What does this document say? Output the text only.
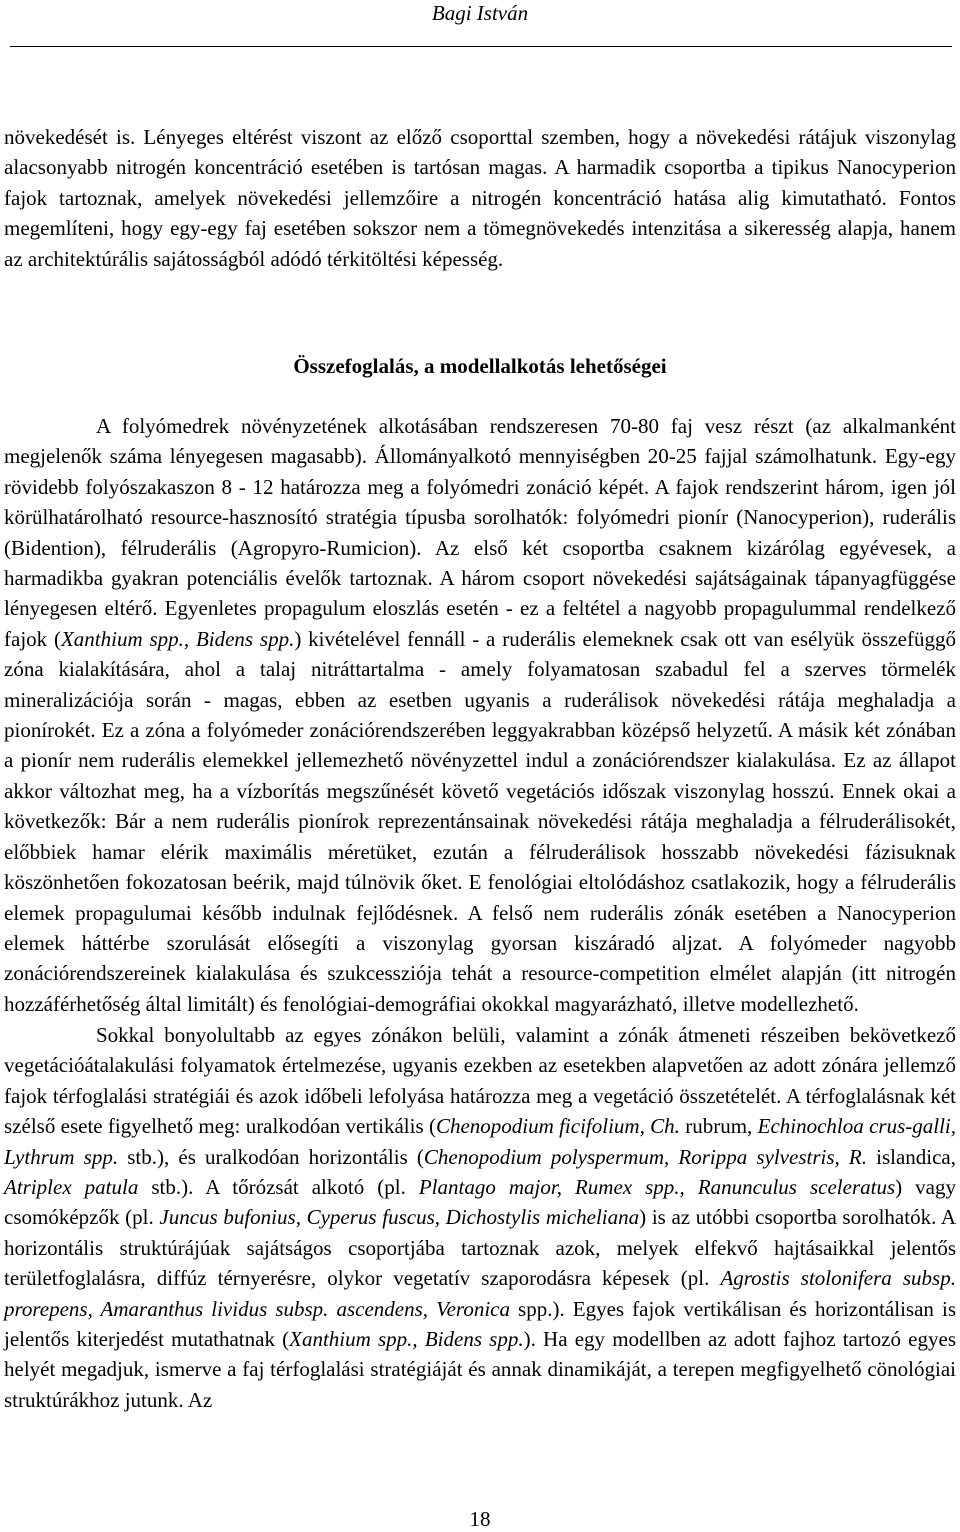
Bagi István

növekedését is. Lényeges eltérést viszont az előző csoporttal szemben, hogy a növekedési rátájuk viszonylag alacsonyabb nitrogén koncentráció esetében is tartósan magas. A harmadik csoportba a tipikus Nanocyperion fajok tartoznak, amelyek növekedési jellemzőire a nitrogén koncentráció hatása alig kimutatható. Fontos megemlíteni, hogy egy-egy faj esetében sokszor nem a tömegnövekedés intenzitása a sikeresség alapja, hanem az architektúrális sajátosságból adódó térkitöltési képesség.

Összefoglalás, a modellalkotás lehetőségei

A folyómedrek növényzetének alkotásában rendszeresen 70-80 faj vesz részt (az alkalmanként megjelenők száma lényegesen magasabb). Állományalkotó mennyiségben 20-25 fajjal számolhatunk. Egy-egy rövidebb folyószakaszon 8 - 12 határozza meg a folyómedri zonáció képét. A fajok rendszerint három, igen jól körülhatárolható resource-hasznosító stratégia típusba sorolhatók: folyómedri pionír (Nanocyperion), ruderális (Bidention), félruderális (Agropyro-Rumicion). Az első két csoportba csaknem kizárólag egyévesek, a harmadikba gyakran potenciális évelők tartoznak. A három csoport növekedési sajátságainak tápanyagfüggése lényegesen eltérő. Egyenletes propagulum eloszlás esetén - ez a feltétel a nagyobb propagulummal rendelkező fajok (Xanthium spp., Bidens spp.) kivételével fennáll - a ruderális elemeknek csak ott van esélyük összefüggő zóna kialakítására, ahol a talaj nitráttartalma - amely folyamatosan szabadul fel a szerves törmelék mineralizációja során - magas, ebben az esetben ugyanis a ruderálisok növekedési rátája meghaladja a pionírokét. Ez a zóna a folyómeder zonációrendszerében leggyakrabban középső helyzetű. A másik két zónában a pionír nem ruderális elemekkel jellemezhető növényzettel indul a zonációrendszer kialakulása. Ez az állapot akkor változhat meg, ha a vízborítás megszűnését követő vegetációs időszak viszonylag hosszú. Ennek okai a következők: Bár a nem ruderális pionírok reprezentánsainak növekedési rátája meghaladja a félruderálisokét, előbbiek hamar elérik maximális méretüket, ezután a félruderálisok hosszabb növekedési fázisuknak köszönhetően fokozatosan beérik, majd túlnövik őket. E fenológiai eltolódáshoz csatlakozik, hogy a félruderális elemek propagulumai később indulnak fejlődésnek. A felső nem ruderális zónák esetében a Nanocyperion elemek háttérbe szorulását elősegíti a viszonylag gyorsan kiszáradó aljzat. A folyómeder nagyobb zonációrendszereinek kialakulása és szukcessziója tehát a resource-competition elmélet alapján (itt nitrogén hozzáférhetőség által limitált) és fenológiai-demográfiai okokkal magyarázható, illetve modellezhető.

Sokkal bonyolultabb az egyes zónákon belüli, valamint a zónák átmeneti részeiben bekövetkező vegetációátalakulási folyamatok értelmezése, ugyanis ezekben az esetekben alapvetően az adott zónára jellemző fajok térfoglalási stratégiái és azok időbeli lefolyása határozza meg a vegetáció összetételét. A térfoglalásnak két szélső esete figyelhető meg: uralkodóan vertikális (Chenopodium ficifolium, Ch. rubrum, Echinochloa crus-galli, Lythrum spp. stb.), és uralkodóan horizontális (Chenopodium polyspermum, Rorippa sylvestris, R. islandica, Atriplex patula stb.). A tőrózsát alkotó (pl. Plantago major, Rumex spp., Ranunculus sceleratus) vagy csomóképzők (pl. Juncus bufonius, Cyperus fuscus, Dichostylis micheliana) is az utóbbi csoportba sorolhatók. A horizontális struktúrájúak sajátságos csoportjába tartoznak azok, melyek elfekvő hajtásaikkal jelentős területfoglalásra, diffúz térnyerésre, olykor vegetatív szaporodásra képesek (pl. Agrostis stolonifera subsp. prorepens, Amaranthus lividus subsp. ascendens, Veronica spp.). Egyes fajok vertikálisan és horizontálisan is jelentős kiterjedést mutathatnak (Xanthium spp., Bidens spp.). Ha egy modellben az adott fajhoz tartozó egyes helyét megadjuk, ismerve a faj térfoglalási stratégiáját és annak dinamikáját, a terepen megfigyelhető cönológiai struktúrákhoz jutunk. Az

18
